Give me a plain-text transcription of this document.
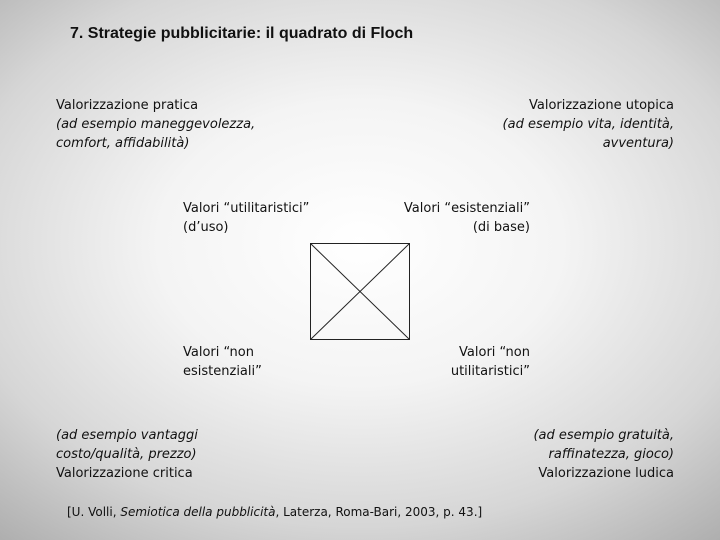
7. Strategie pubblicitarie: il quadrato di Floch
Valorizzazione pratica
(ad esempio maneggevolezza,
comfort, affidabilità)
Valorizzazione utopica
(ad esempio vita, identità,
avventura)
Valori “utilitaristici”
(d’uso)
Valori “esistenziali”
(di base)
Valori “non
esistenziali”
Valori “non
utilitaristici”
(ad esempio vantaggi
costo/qualità, prezzo)
Valorizzazione critica
(ad esempio gratuità,
raffinatezza, gioco)
Valorizzazione ludica
[U. Volli, Semiotica della pubblicità, Laterza, Roma-Bari, 2003, p. 43.]
